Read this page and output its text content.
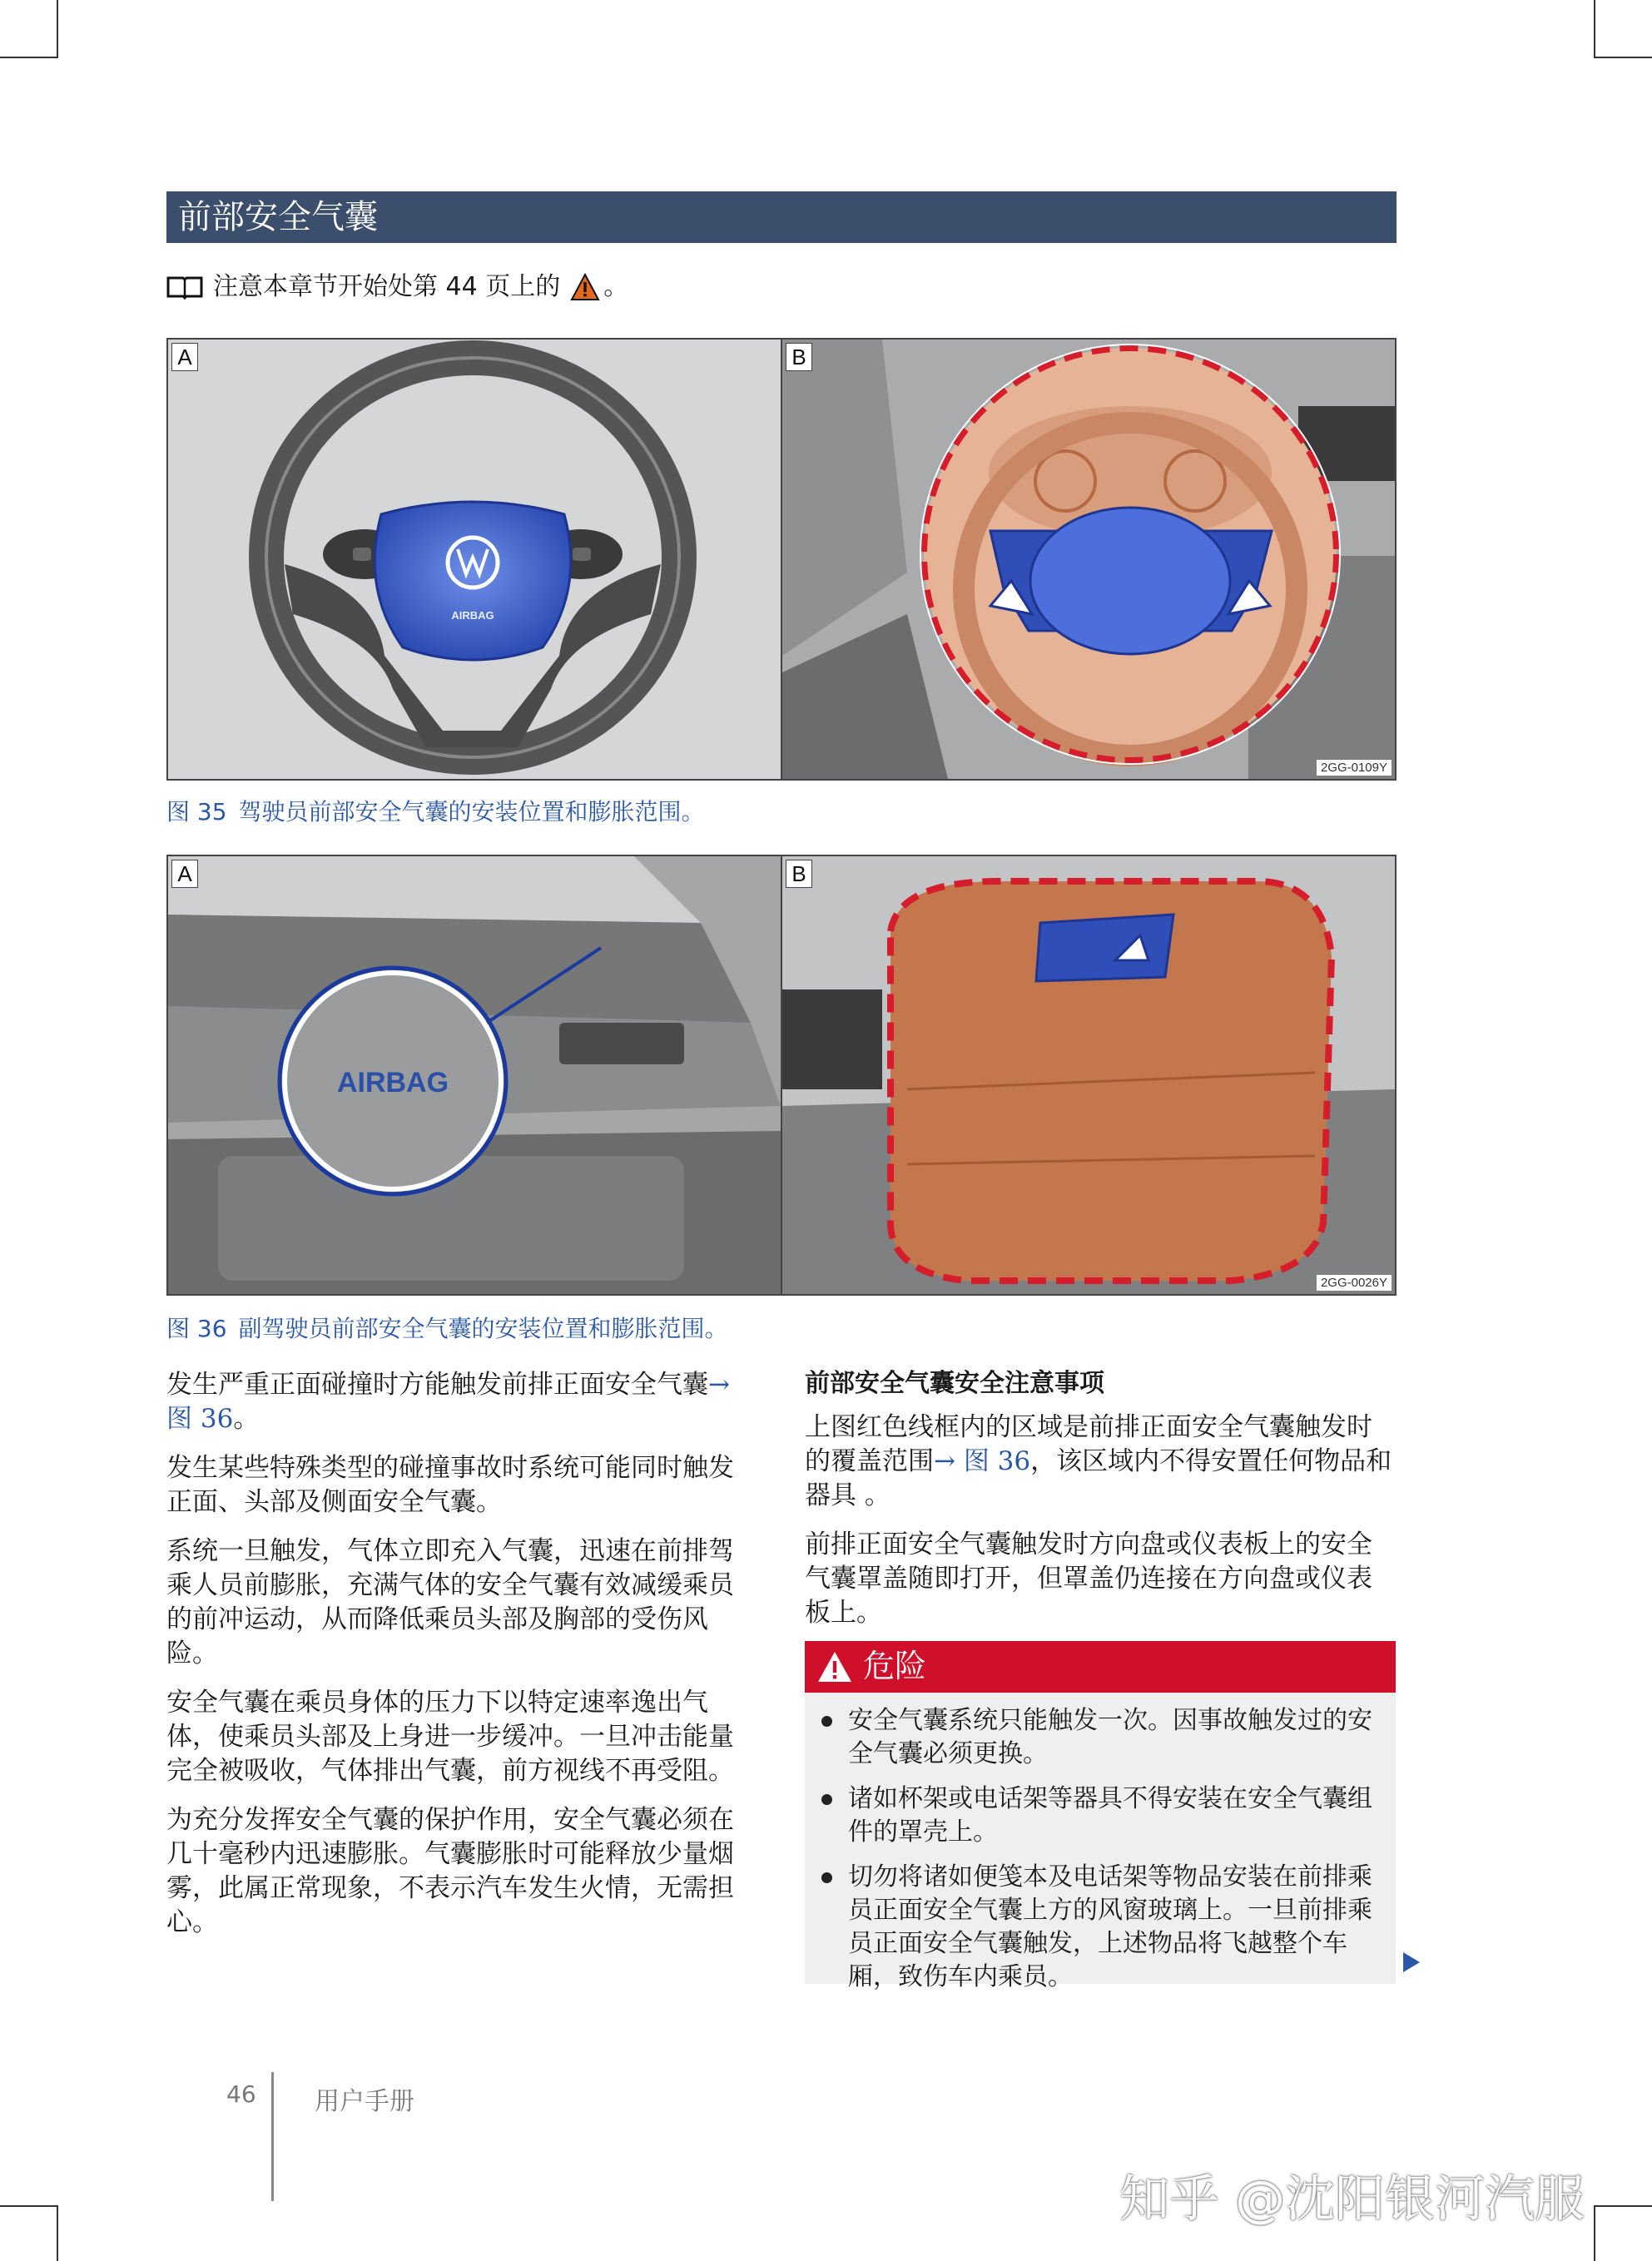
前部安全气囊
注意本章节开始处第 44 页上的 。
AIRBAG
A	B
2GG-0109Y
图 35 驾驶员前部安全气囊的安装位置和膨胀范围。
AIRBAG
A	B
2GG-0026Y
图 36 副驾驶员前部安全气囊的安装位置和膨胀范围。

发生严重正面碰撞时方能触发前排正面安全气囊→ 图 36。

发生某些特殊类型的碰撞事故时系统可能同时触发正面、头部及侧面安全气囊。

系统一旦触发，气体立即充入气囊，迅速在前排驾乘人员前膨胀，充满气体的安全气囊有效减缓乘员的前冲运动，从而降低乘员头部及胸部的受伤风险。

安全气囊在乘员身体的压力下以特定速率逸出气体，使乘员头部及上身进一步缓冲。一旦冲击能量完全被吸收，气体排出气囊，前方视线不再受阻。

为充分发挥安全气囊的保护作用，安全气囊必须在几十毫秒内迅速膨胀。气囊膨胀时可能释放少量烟雾，此属正常现象，不表示汽车发生火情，无需担心。

前部安全气囊安全注意事项

上图红色线框内的区域是前排正面安全气囊触发时的覆盖范围→ 图 36，该区域内不得安置任何物品和器具 。

前排正面安全气囊触发时方向盘或仪表板上的安全气囊罩盖随即打开，但罩盖仍连接在方向盘或仪表板上。

危险
安全气囊系统只能触发一次。因事故触发过的安全气囊必须更换。
诸如杯架或电话架等器具不得安装在安全气囊组件的罩壳上。
切勿将诸如便笺本及电话架等物品安装在前排乘员正面安全气囊上方的风窗玻璃上。一旦前排乘员正面安全气囊触发，上述物品将飞越整个车厢，致伤车内乘员。
46 用户手册
知乎 @沈阳银河汽服
